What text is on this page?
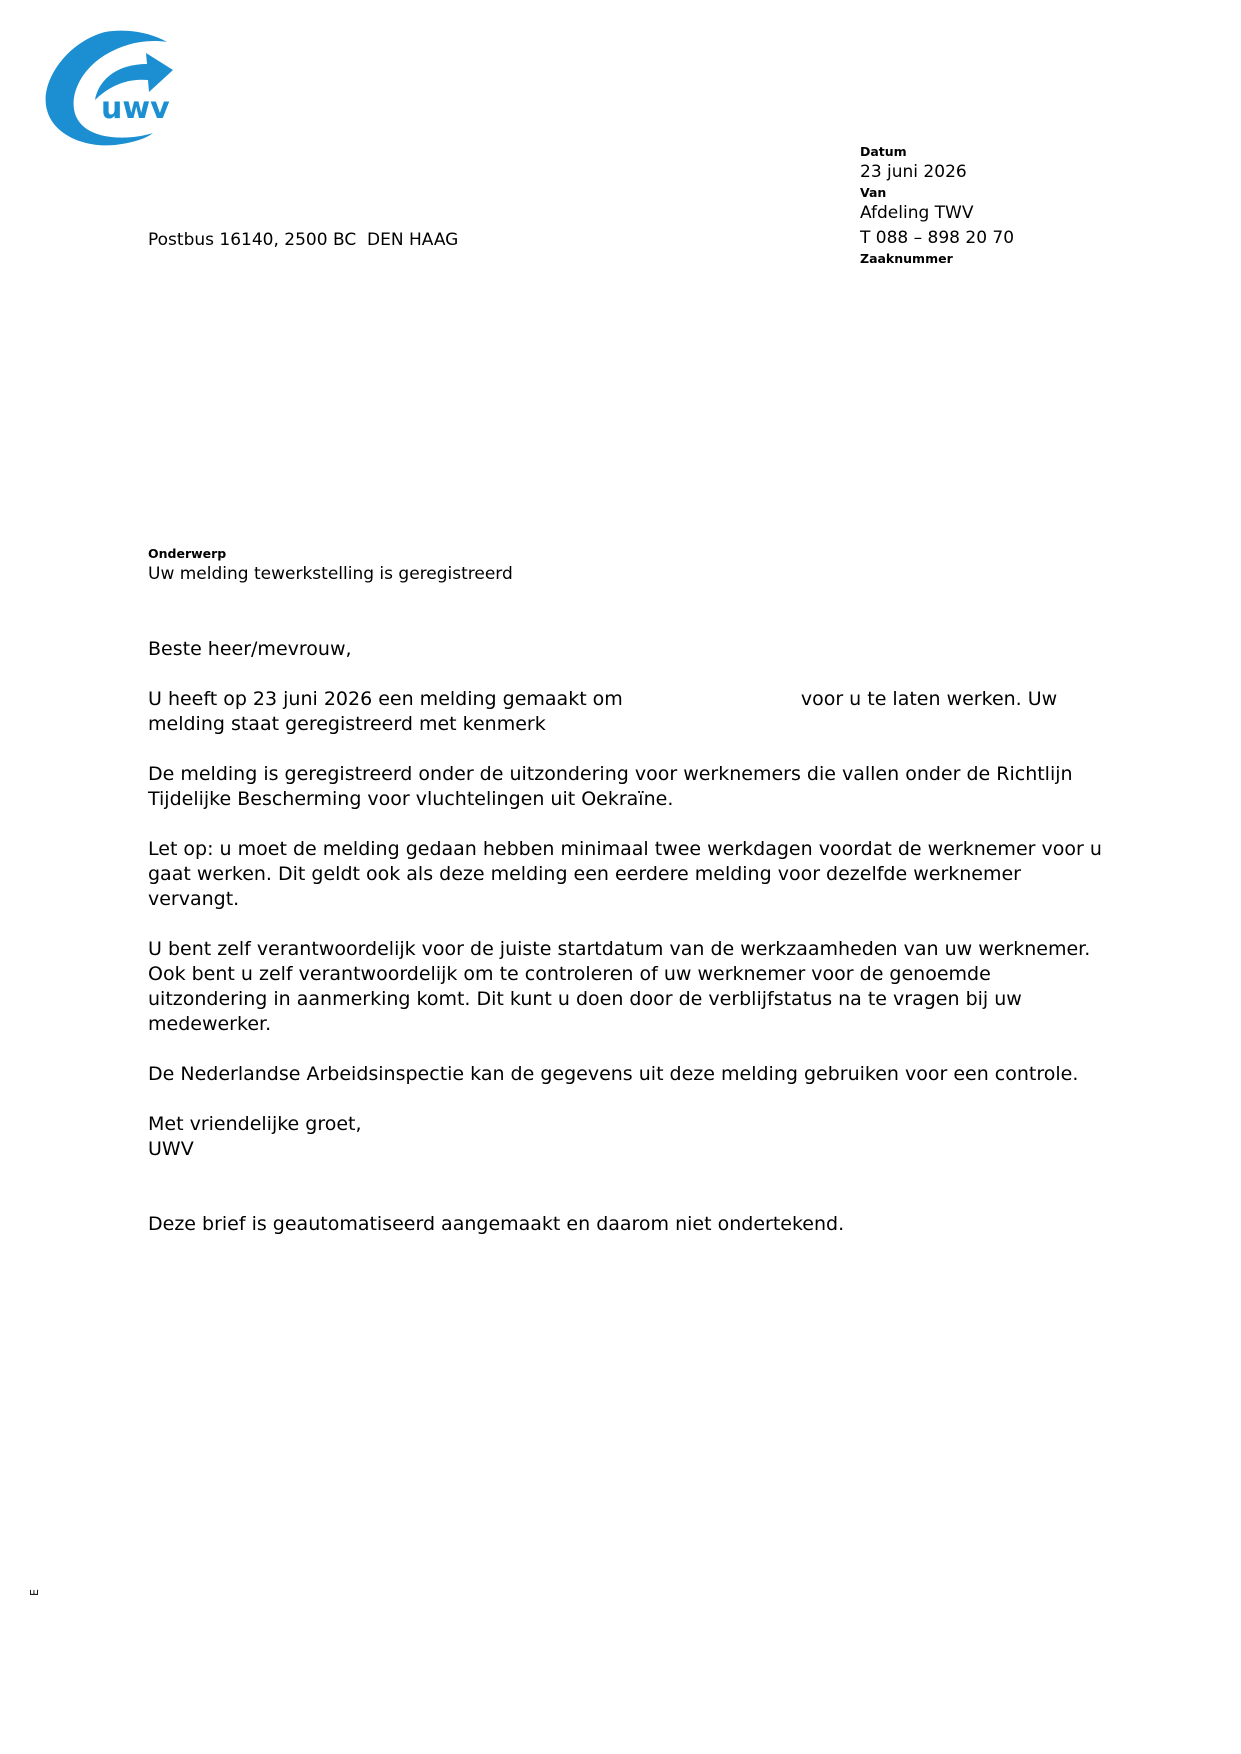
uwv
Postbus 16140, 2500 BC  DEN HAAG
Datum
23 juni 2026
Van
Afdeling TWV
T 088 – 898 20 70
Zaaknummer
Onderwerp
Uw melding tewerkstelling is geregistreerd

Beste heer/mevrouw,

U heeft op 23 juni 2026 een melding gemaakt om	voor u te laten werken. Uw melding staat geregistreerd met kenmerk

De melding is geregistreerd onder de uitzondering voor werknemers die vallen onder de Richtlijn Tijdelijke Bescherming voor vluchtelingen uit Oekraïne.

Let op: u moet de melding gedaan hebben minimaal twee werkdagen voordat de werknemer voor u gaat werken. Dit geldt ook als deze melding een eerdere melding voor dezelfde werknemer vervangt.

U bent zelf verantwoordelijk voor de juiste startdatum van de werkzaamheden van uw werknemer. Ook bent u zelf verantwoordelijk om te controleren of uw werknemer voor de genoemde uitzondering in aanmerking komt. Dit kunt u doen door de verblijfstatus na te vragen bij uw medewerker.

De Nederlandse Arbeidsinspectie kan de gegevens uit deze melding gebruiken voor een controle.

Met vriendelijke groet,
UWV

Deze brief is geautomatiseerd aangemaakt en daarom niet ondertekend.

E
